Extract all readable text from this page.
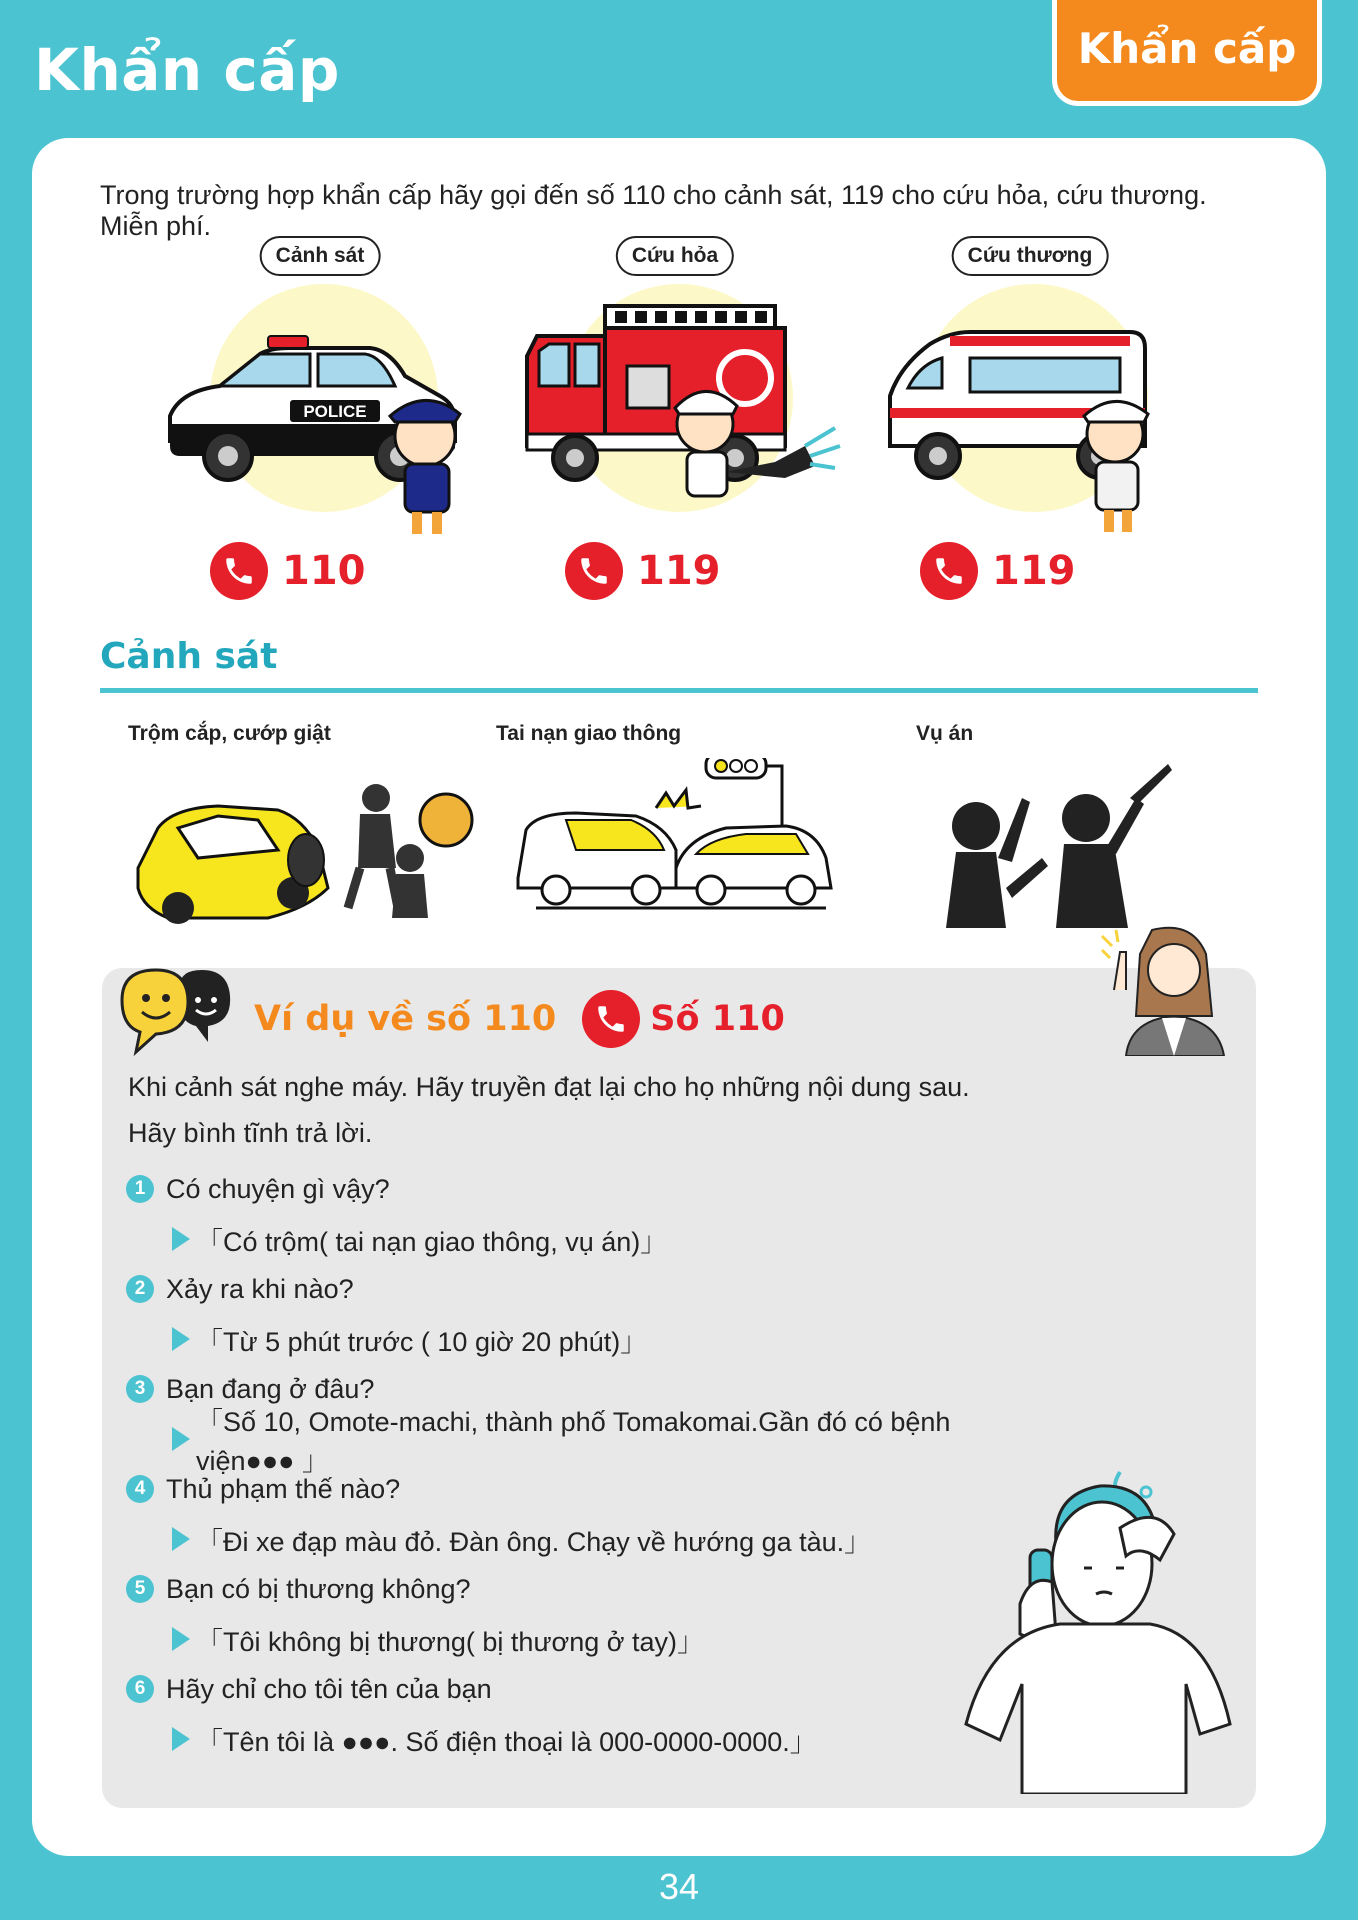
Khẩn cấp	Khẩn cấp
Trong trường hợp khẩn cấp hãy gọi đến số 110 cho cảnh sát, 119 cho cứu hỏa, cứu thương. Miễn phí.
Cảnh sát
POLICE
110
Cứu hỏa
119
Cứu thương
119
Cảnh sát
Trộm cắp, cướp giật	Tai nạn giao thông	Vụ án
Ví dụ về số 110	Số 110
Khi cảnh sát nghe máy. Hãy truyền đạt lại cho họ những nội dung sau.
Hãy bình tĩnh trả lời.
1 Có chuyện gì vậy?
「Có trộm( tai nạn giao thông, vụ án)」
2 Xảy ra khi nào?
「Từ 5 phút trước ( 10 giờ 20 phút)」
3 Bạn đang ở đâu?
「Số 10, Omote-machi, thành phố Tomakomai.Gần đó có bệnh viện●●● 」
4 Thủ phạm thế nào?
「Đi xe đạp màu đỏ. Đàn ông. Chạy về hướng ga tàu.」
5 Bạn có bị thương không?
「Tôi không bị thương( bị thương ở tay)」
6 Hãy chỉ cho tôi tên của bạn
「Tên tôi là ●●●. Số điện thoại là 000-0000-0000.」
34
